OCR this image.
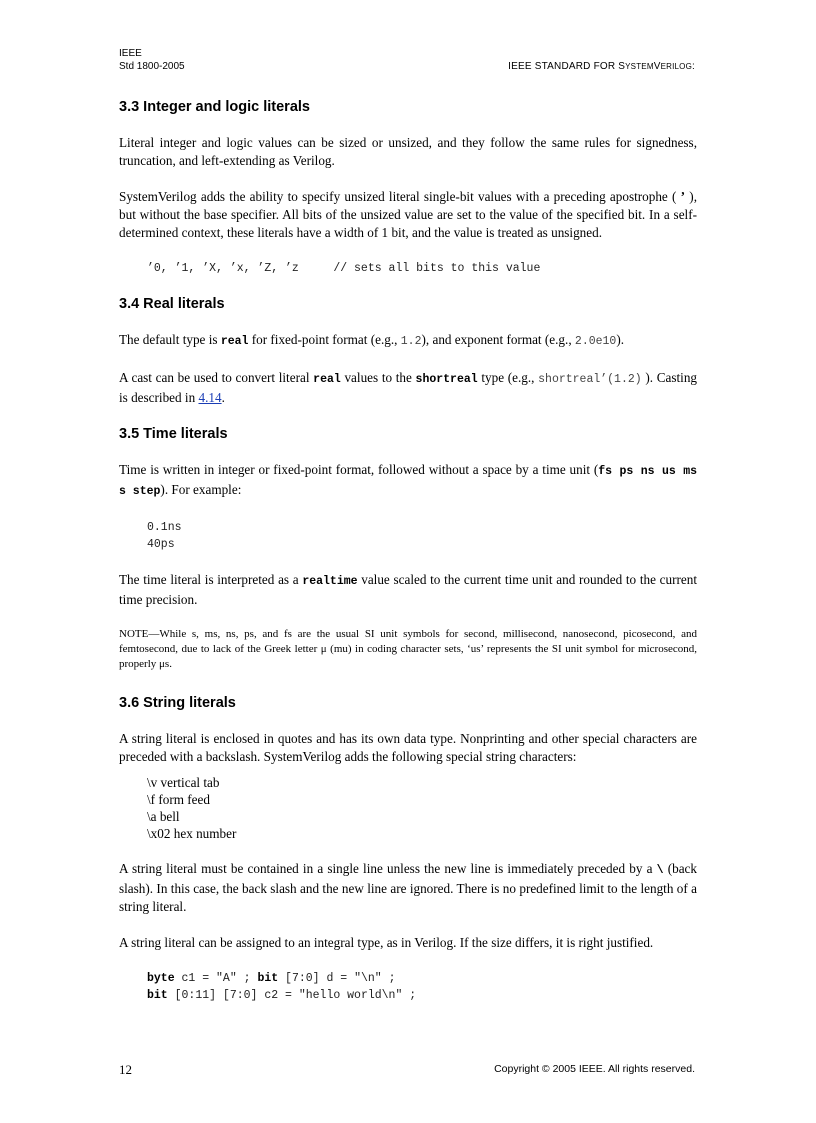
IEEE
Std 1800-2005	IEEE STANDARD FOR SYSTEMVERILOG:
3.3 Integer and logic literals

Literal integer and logic values can be sized or unsized, and they follow the same rules for signedness, truncation, and left-extending as Verilog.

SystemVerilog adds the ability to specify unsized literal single-bit values with a preceding apostrophe ( ’ ), but without the base specifier. All bits of the unsized value are set to the value of the specified bit. In a self-determined context, these literals have a width of 1 bit, and the value is treated as unsigned.

’0, ’1, ’X, ’x, ’Z, ’z     // sets all bits to this value
3.4 Real literals

The default type is real for fixed-point format (e.g., 1.2), and exponent format (e.g., 2.0e10).

A cast can be used to convert literal real values to the shortreal type (e.g., shortreal’(1.2) ). Casting is described in 4.14.

3.5 Time literals

Time is written in integer or fixed-point format, followed without a space by a time unit (fs ps ns us ms s step). For example:

0.1ns
40ps

The time literal is interpreted as a realtime value scaled to the current time unit and rounded to the current time precision.

NOTE—While s, ms, ns, ps, and fs are the usual SI unit symbols for second, millisecond, nanosecond, picosecond, and femtosecond, due to lack of the Greek letter μ (mu) in coding character sets, ‘us’ represents the SI unit symbol for microsecond, properly μs.

3.6 String literals

A string literal is enclosed in quotes and has its own data type. Nonprinting and other special characters are preceded with a backslash. SystemVerilog adds the following special string characters:

\v vertical tab
\f form feed
\a bell
\x02 hex number

A string literal must be contained in a single line unless the new line is immediately preceded by a \ (back slash). In this case, the back slash and the new line are ignored. There is no predefined limit to the length of a string literal.

A string literal can be assigned to an integral type, as in Verilog. If the size differs, it is right justified.

byte c1 = "A" ; bit [7:0] d = "\n" ;
bit [0:11] [7:0] c2 = "hello world\n" ;
12	Copyright © 2005 IEEE. All rights reserved.
